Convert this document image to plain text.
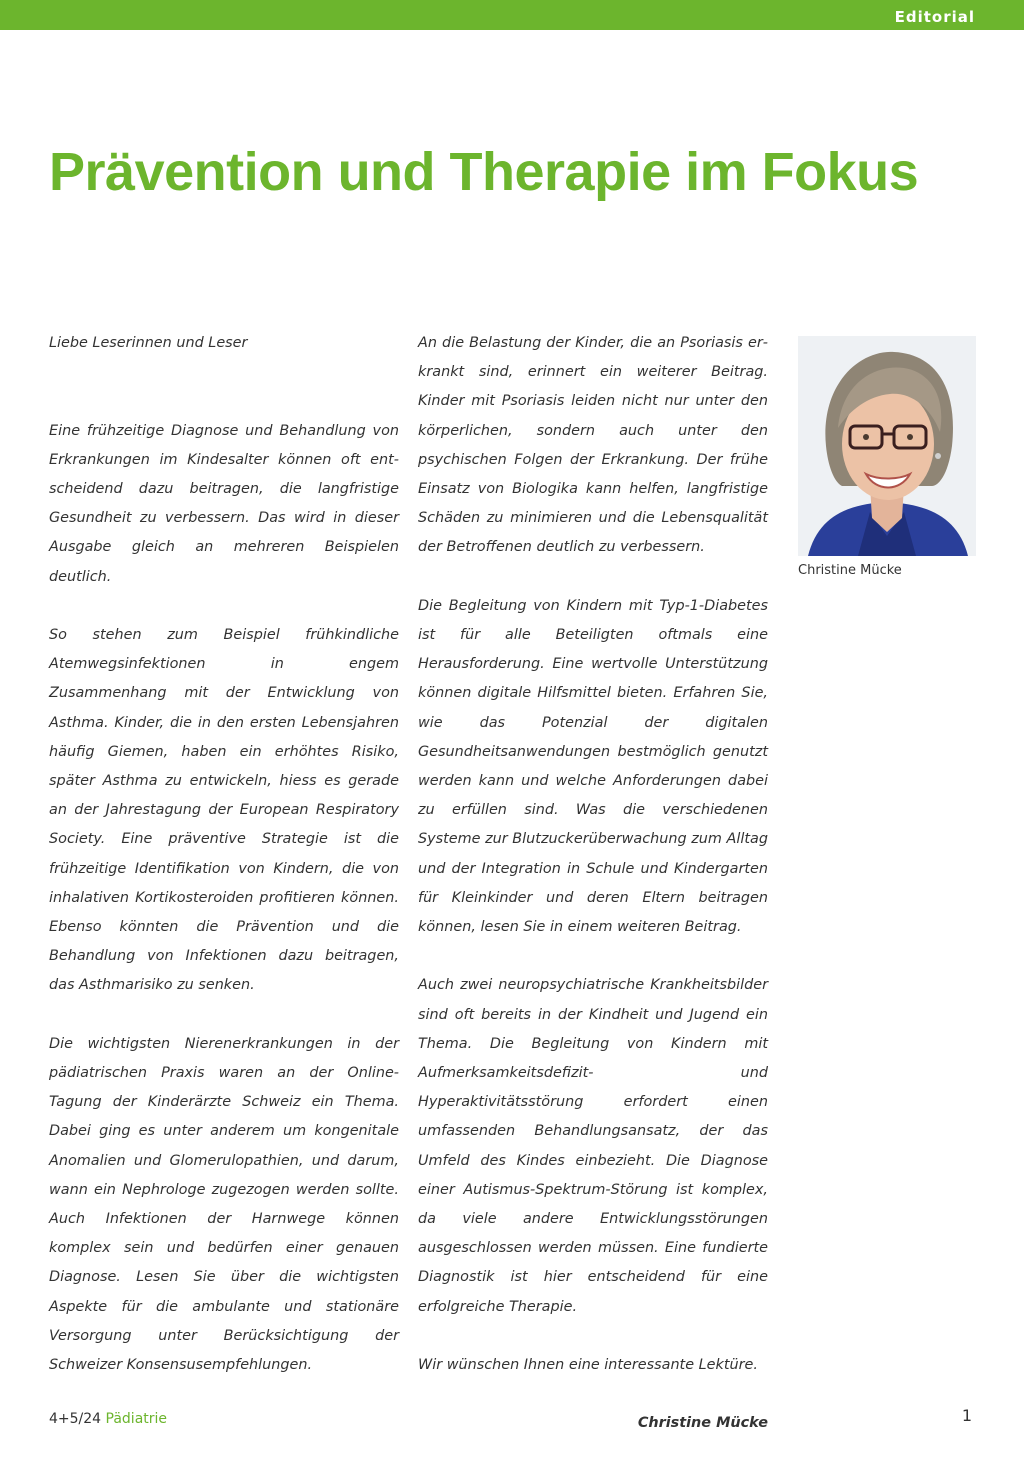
Editorial
Prävention und Therapie im Fokus

Liebe Leserinnen und Leser

Eine frühzeitige Diagnose und Behandlung von Erkrankungen im Kindesalter können oft entscheidend dazu beitragen, die langfristige Gesundheit zu verbessern. Das wird in dieser Ausgabe gleich an mehreren Beispielen deutlich.

So stehen zum Beispiel frühkindliche Atemwegsinfektionen in engem Zusammenhang mit der Entwicklung von Asthma. Kinder, die in den ersten Lebensjahren häufig Giemen, haben ein erhöhtes Risiko, später Asthma zu entwickeln, hiess es gerade an der Jahrestagung der European Respiratory Society. Eine präventive Strategie ist die frühzeitige Identifikation von Kindern, die von inhalativen Kortikosteroiden profitieren können. Ebenso könnten die Prävention und die Behandlung von Infektionen dazu beitragen, das Asthmarisiko zu senken.

Die wichtigsten Nierenerkrankungen in der pädiatrischen Praxis waren an der Online-Tagung der Kinderärzte Schweiz ein Thema. Dabei ging es unter anderem um kongenitale Anomalien und Glomerulopathien, und darum, wann ein Nephrologe zugezogen werden sollte. Auch Infektionen der Harnwege können komplex sein und bedürfen einer genauen Diagnose. Lesen Sie über die wichtigsten Aspekte für die ambulante und stationäre Versorgung unter Berücksichtigung der Schweizer Konsensusempfehlungen.

An die Belastung der Kinder, die an Psoriasis erkrankt sind, erinnert ein weiterer Beitrag. Kinder mit Psoriasis leiden nicht nur unter den körperlichen, sondern auch unter den psychischen Folgen der Erkrankung. Der frühe Einsatz von Biologika kann helfen, langfristige Schäden zu minimieren und die Lebensqualität der Betroffenen deutlich zu verbessern.

Die Begleitung von Kindern mit Typ-1-Diabetes ist für alle Beteiligten oftmals eine Herausforderung. Eine wertvolle Unterstützung können digitale Hilfsmittel bieten. Erfahren Sie, wie das Potenzial der digitalen Gesundheitsanwendungen bestmöglich genutzt werden kann und welche Anforderungen dabei zu erfüllen sind. Was die verschiedenen Systeme zur Blutzuckerüberwachung zum Alltag und der Integration in Schule und Kindergarten für Kleinkinder und deren Eltern beitragen können, lesen Sie in einem weiteren Beitrag.

Auch zwei neuropsychiatrische Krankheitsbilder sind oft bereits in der Kindheit und Jugend ein Thema. Die Begleitung von Kindern mit Aufmerksamkeitsdefizit- und Hyperaktivitätsstörung erfordert einen umfassenden Behandlungsansatz, der das Umfeld des Kindes einbezieht. Die Diagnose einer Autismus-Spektrum-Störung ist komplex, da viele andere Entwicklungsstörungen ausgeschlossen werden müssen. Eine fundierte Diagnostik ist hier entscheidend für eine erfolgreiche Therapie.

Wir wünschen Ihnen eine interessante Lektüre.

Christine Mücke

Christine Mücke
4+5/24 Pädiatrie	1
